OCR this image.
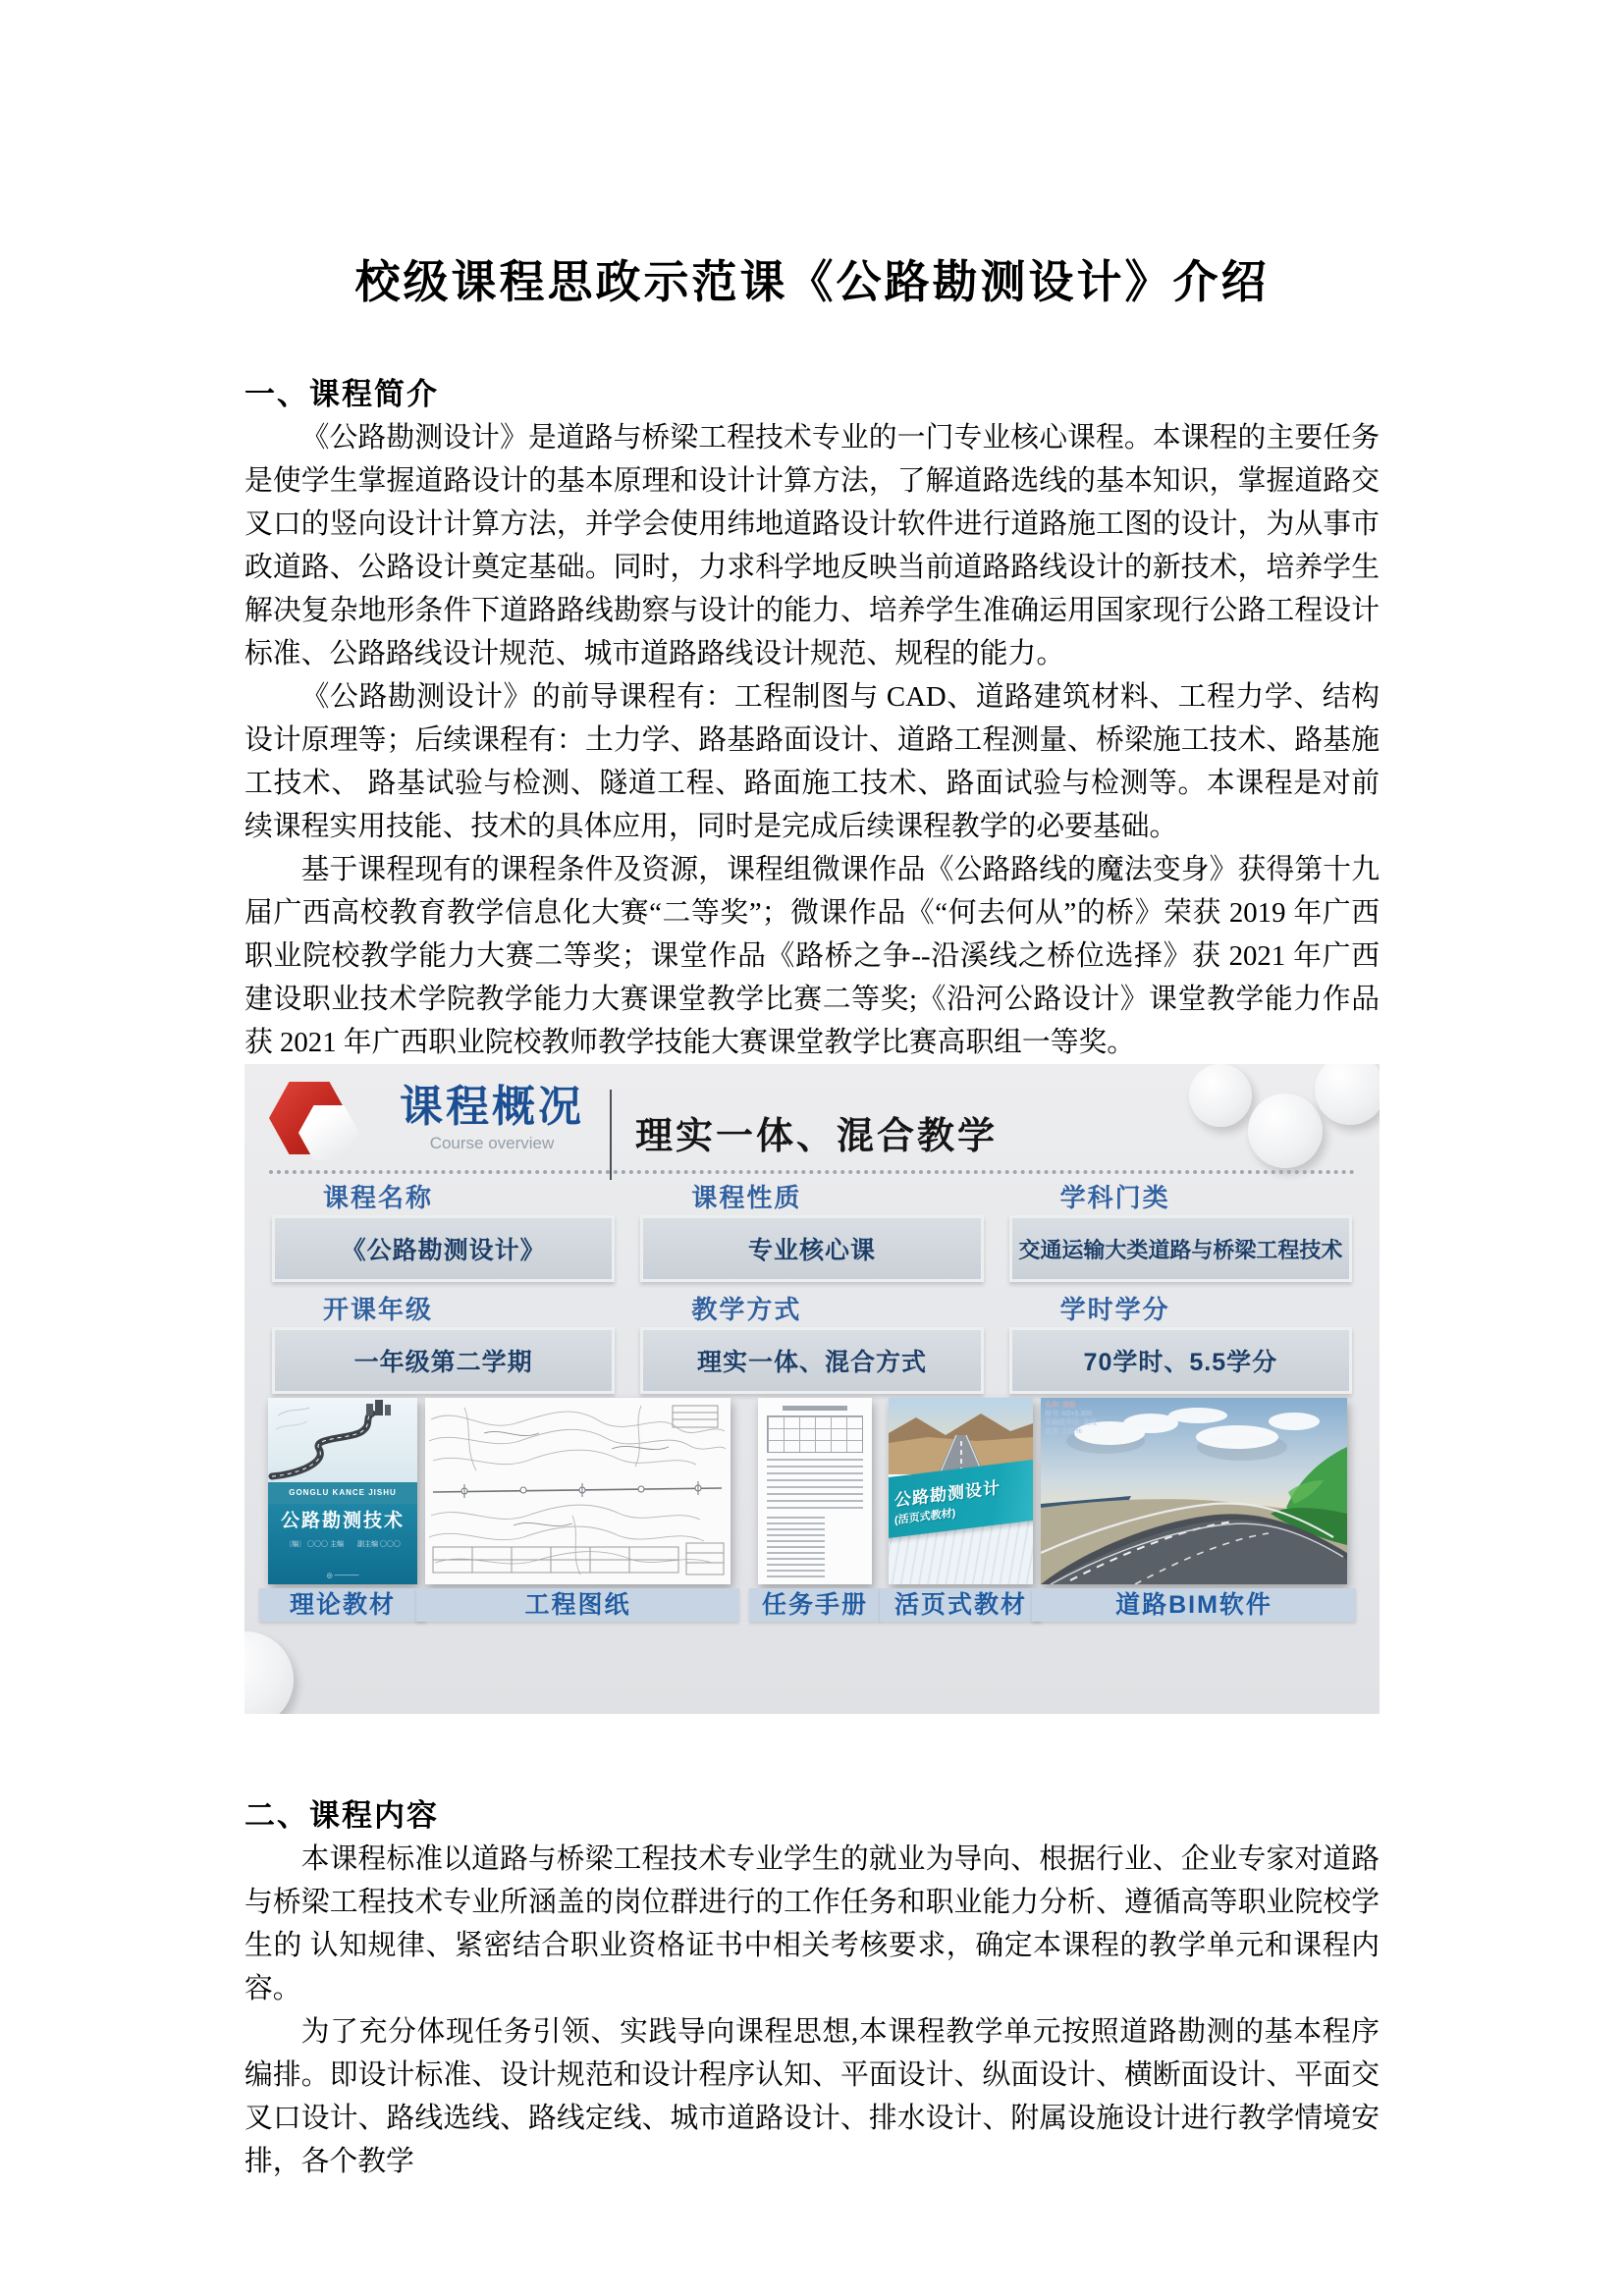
校级课程思政示范课《公路勘测设计》介绍
一、课程简介

《公路勘测设计》是道路与桥梁工程技术专业的一门专业核心课程。本课程的主要任务是使学生掌握道路设计的基本原理和设计计算方法，了解道路选线的基本知识，掌握道路交叉口的竖向设计计算方法，并学会使用纬地道路设计软件进行道路施工图的设计，为从事市政道路、公路设计奠定基础。同时，力求科学地反映当前道路路线设计的新技术，培养学生解决复杂地形条件下道路路线勘察与设计的能力、培养学生准确运用国家现行公路工程设计标准、公路路线设计规范、城市道路路线设计规范、规程的能力。

《公路勘测设计》的前导课程有：工程制图与 CAD、道路建筑材料、工程力学、结构设计原理等；后续课程有：土力学、路基路面设计、道路工程测量、桥梁施工技术、路基施工技术、 路基试验与检测、隧道工程、路面施工技术、路面试验与检测等。本课程是对前续课程实用技能、技术的具体应用，同时是完成后续课程教学的必要基础。

基于课程现有的课程条件及资源，课程组微课作品《公路路线的魔法变身》获得第十九届广西高校教育教学信息化大赛“二等奖”；微课作品《“何去何从”的桥》荣获 2019 年广西职业院校教学能力大赛二等奖；课堂作品《路桥之争--沿溪线之桥位选择》获 2021 年广西建设职业技术学院教学能力大赛课堂教学比赛二等奖;《沿河公路设计》课堂教学能力作品获 2021 年广西职业院校教师教学技能大赛课堂教学比赛高职组一等奖。

课程概况
Course overview	理实一体、混合教学
课程名称
《公路勘测设计》
课程性质
专业核心课
学科门类
交通运输大类道路与桥梁工程技术
开课年级
一年级第二学期
教学方式
理实一体、混合方式
学时学分
70学时、5.5学分
GONGLU KANCE JISHU
公路勘测技术
〔编〕 〇〇〇 主编　　副主编 〇〇〇
◎ ─────
公路勘测设计
(活页式教材)
名称: 道路
桩号: K0+5.300
平曲线半径: 直线
坡度: 2.02%
理论教材	工程图纸	任务手册	活页式教材	道路BIM软件
二、课程内容

本课程标准以道路与桥梁工程技术专业学生的就业为导向、根据行业、企业专家对道路与桥梁工程技术专业所涵盖的岗位群进行的工作任务和职业能力分析、遵循高等职业院校学生的 认知规律、紧密结合职业资格证书中相关考核要求，确定本课程的教学单元和课程内容。

为了充分体现任务引领、实践导向课程思想,本课程教学单元按照道路勘测的基本程序编排。即设计标准、设计规范和设计程序认知、平面设计、纵面设计、横断面设计、平面交 叉口设计、路线选线、路线定线、城市道路设计、排水设计、附属设施设计进行教学情境安 排，各个教学
